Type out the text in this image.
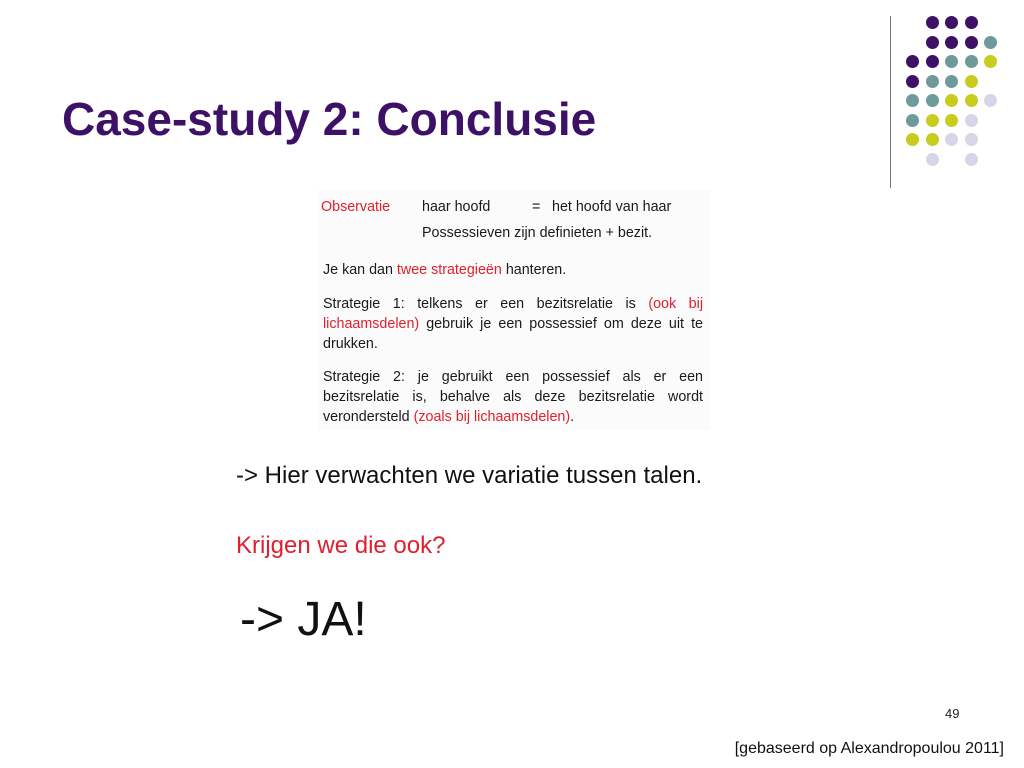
Case-study 2: Conclusie
Observatie haar hoofd	= het hoofd van haar
Possessieven zijn definieten + bezit.
Je kan dan twee strategieën hanteren.
Strategie 1: telkens er een bezitsrelatie is (ook bij lichaamsdelen) gebruik je een possessief om deze uit te drukken.
Strategie 2: je gebruikt een possessief als er een bezitsrelatie is, behalve als deze bezitsrelatie wordt verondersteld (zoals bij lichaamsdelen).
-> Hier verwachten we variatie tussen talen.
Krijgen we die ook?
-> JA!
49
[gebaseerd op Alexandropoulou 2011]
